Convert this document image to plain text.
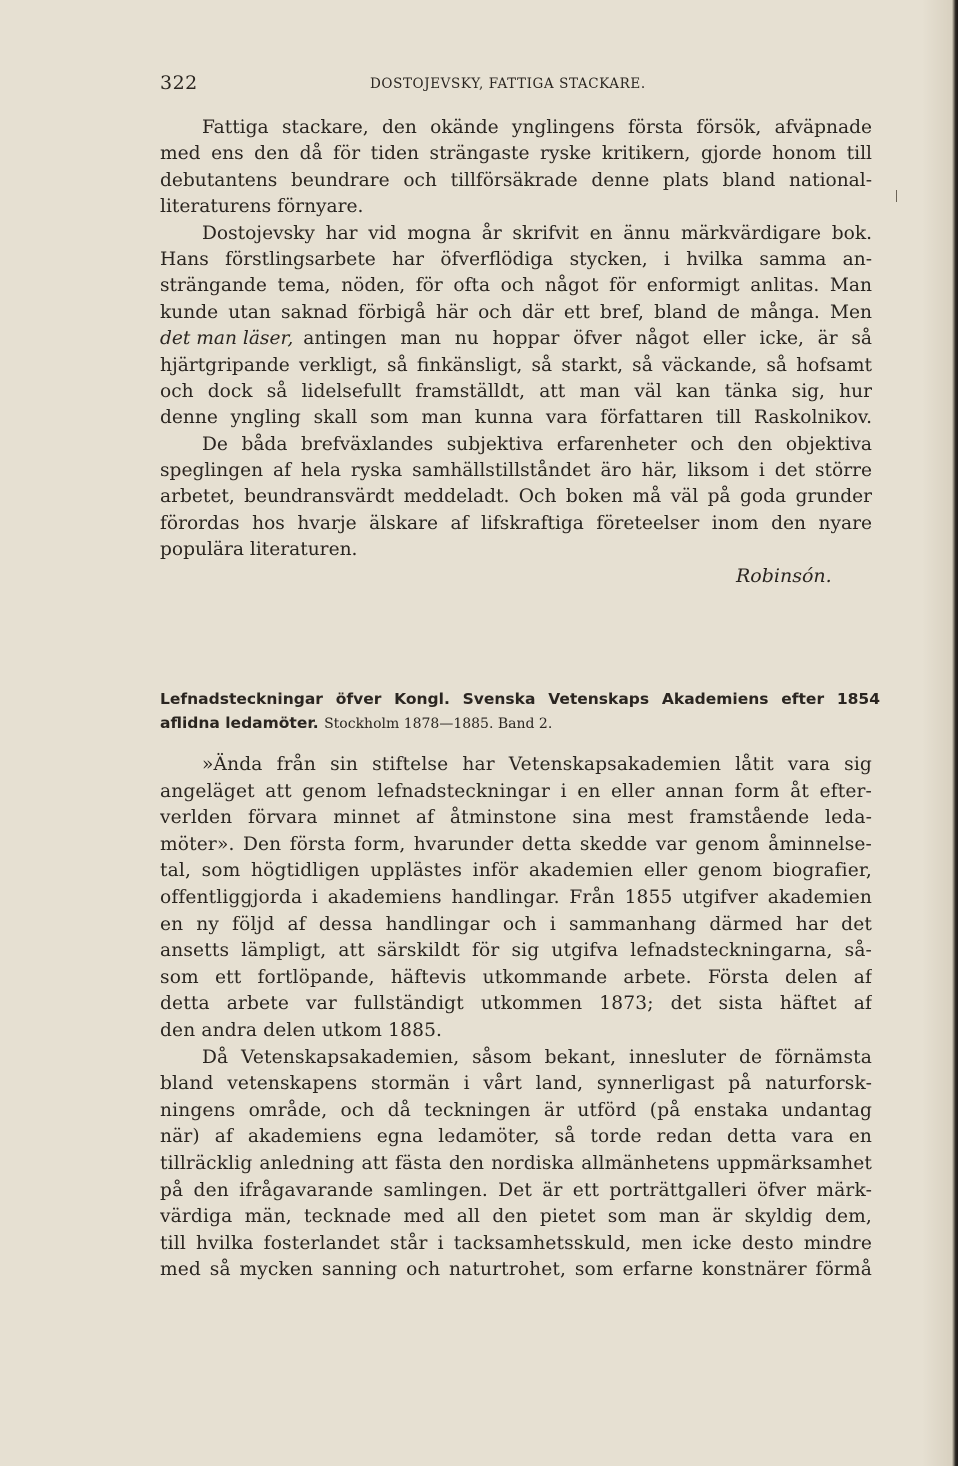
322	DOSTOJEVSKY, FATTIGA STACKARE.
Fattiga stackare, den okände ynglingens första försök, afväpnade
med ens den då för tiden strängaste ryske kritikern, gjorde honom till
debutantens beundrare och tillförsäkrade denne plats bland national-
literaturens förnyare.
Dostojevsky har vid mogna år skrifvit en ännu märkvärdigare bok.
Hans förstlingsarbete har öfverflödiga stycken, i hvilka samma an-
strängande tema, nöden, för ofta och något för enformigt anlitas. Man
kunde utan saknad förbigå här och där ett bref, bland de många. Men
det man läser, antingen man nu hoppar öfver något eller icke, är så
hjärtgripande verkligt, så finkänsligt, så starkt, så väckande, så hofsamt
och dock så lidelsefullt framställdt, att man väl kan tänka sig, hur
denne yngling skall som man kunna vara författaren till Raskolnikov.
De båda brefväxlandes subjektiva erfarenheter och den objektiva
speglingen af hela ryska samhällstillståndet äro här, liksom i det större
arbetet, beundransvärdt meddeladt. Och boken må väl på goda grunder
förordas hos hvarje älskare af lifskraftiga företeelser inom den nyare
populära literaturen.
Robinsón.
Lefnadsteckningar öfver Kongl. Svenska Vetenskaps Akademiens efter 1854
aflidna ledamöter. Stockholm 1878—1885. Band 2.
»Ända från sin stiftelse har Vetenskapsakademien låtit vara sig
angeläget att genom lefnadsteckningar i en eller annan form åt efter-
verlden förvara minnet af åtminstone sina mest framstående leda-
möter». Den första form, hvarunder detta skedde var genom åminnelse-
tal, som högtidligen upplästes inför akademien eller genom biografier,
offentliggjorda i akademiens handlingar. Från 1855 utgifver akademien
en ny följd af dessa handlingar och i sammanhang därmed har det
ansetts lämpligt, att särskildt för sig utgifva lefnadsteckningarna, så-
som ett fortlöpande, häftevis utkommande arbete. Första delen af
detta arbete var fullständigt utkommen 1873; det sista häftet af
den andra delen utkom 1885.
Då Vetenskapsakademien, såsom bekant, innesluter de förnämsta
bland vetenskapens stormän i vårt land, synnerligast på naturforsk-
ningens område, och då teckningen är utförd (på enstaka undantag
när) af akademiens egna ledamöter, så torde redan detta vara en
tillräcklig anledning att fästa den nordiska allmänhetens uppmärksamhet
på den ifrågavarande samlingen. Det är ett porträttgalleri öfver märk-
värdiga män, tecknade med all den pietet som man är skyldig dem,
till hvilka fosterlandet står i tacksamhetsskuld, men icke desto mindre
med så mycken sanning och naturtrohet, som erfarne konstnärer förmå
